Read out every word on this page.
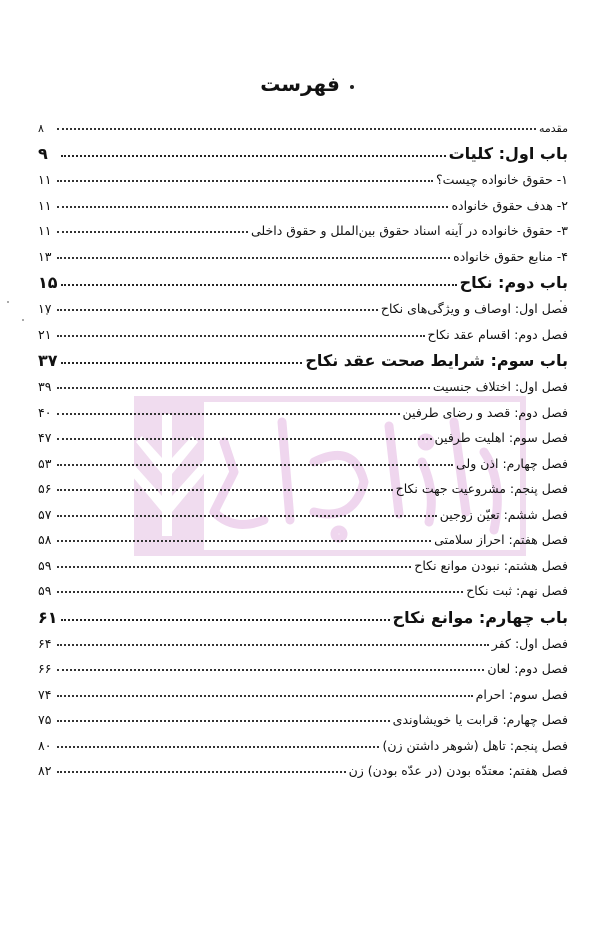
فهرست
مقدمه
۸
باب اول: کلیات
۹
۱- حقوق خانواده چیست؟
۱۱
۲- هدف حقوق خانواده
۱۱
۳- حقوق خانواده در آینه اسناد حقوق بین‌الملل و حقوق داخلی
۱۱
۴- منابع حقوق خانواده
۱۳
باب دوم: نکاح
۱۵
فصل اول: اوصاف و ویژگی‌های نکاح
۱۷
فصل دوم: اقسام عقد نکاح
۲۱
باب سوم: شرایط صحت عقد نکاح
۳۷
فصل اول: اختلاف جنسیت
۳۹
فصل دوم: قصد و رضای طرفین
۴۰
فصل سوم: اهلیت طرفین
۴۷
فصل چهارم: اذن ولی
۵۳
فصل پنجم: مشروعیت جهت نکاح
۵۶
فصل ششم: تعیّن زوجین
۵۷
فصل هفتم: احراز سلامتی
۵۸
فصل هشتم: نبودن موانع نکاح
۵۹
فصل نهم: ثبت نکاح
۵۹
باب چهارم: موانع نکاح
۶۱
فصل اول: کفر
۶۴
فصل دوم: لعان
۶۶
فصل سوم: احرام
۷۴
فصل چهارم: قرابت یا خویشاوندی
۷۵
فصل پنجم: تاهل (شوهر داشتن زن)
۸۰
فصل هفتم: معتدّه بودن (در عدّه بودن) زن
۸۲
